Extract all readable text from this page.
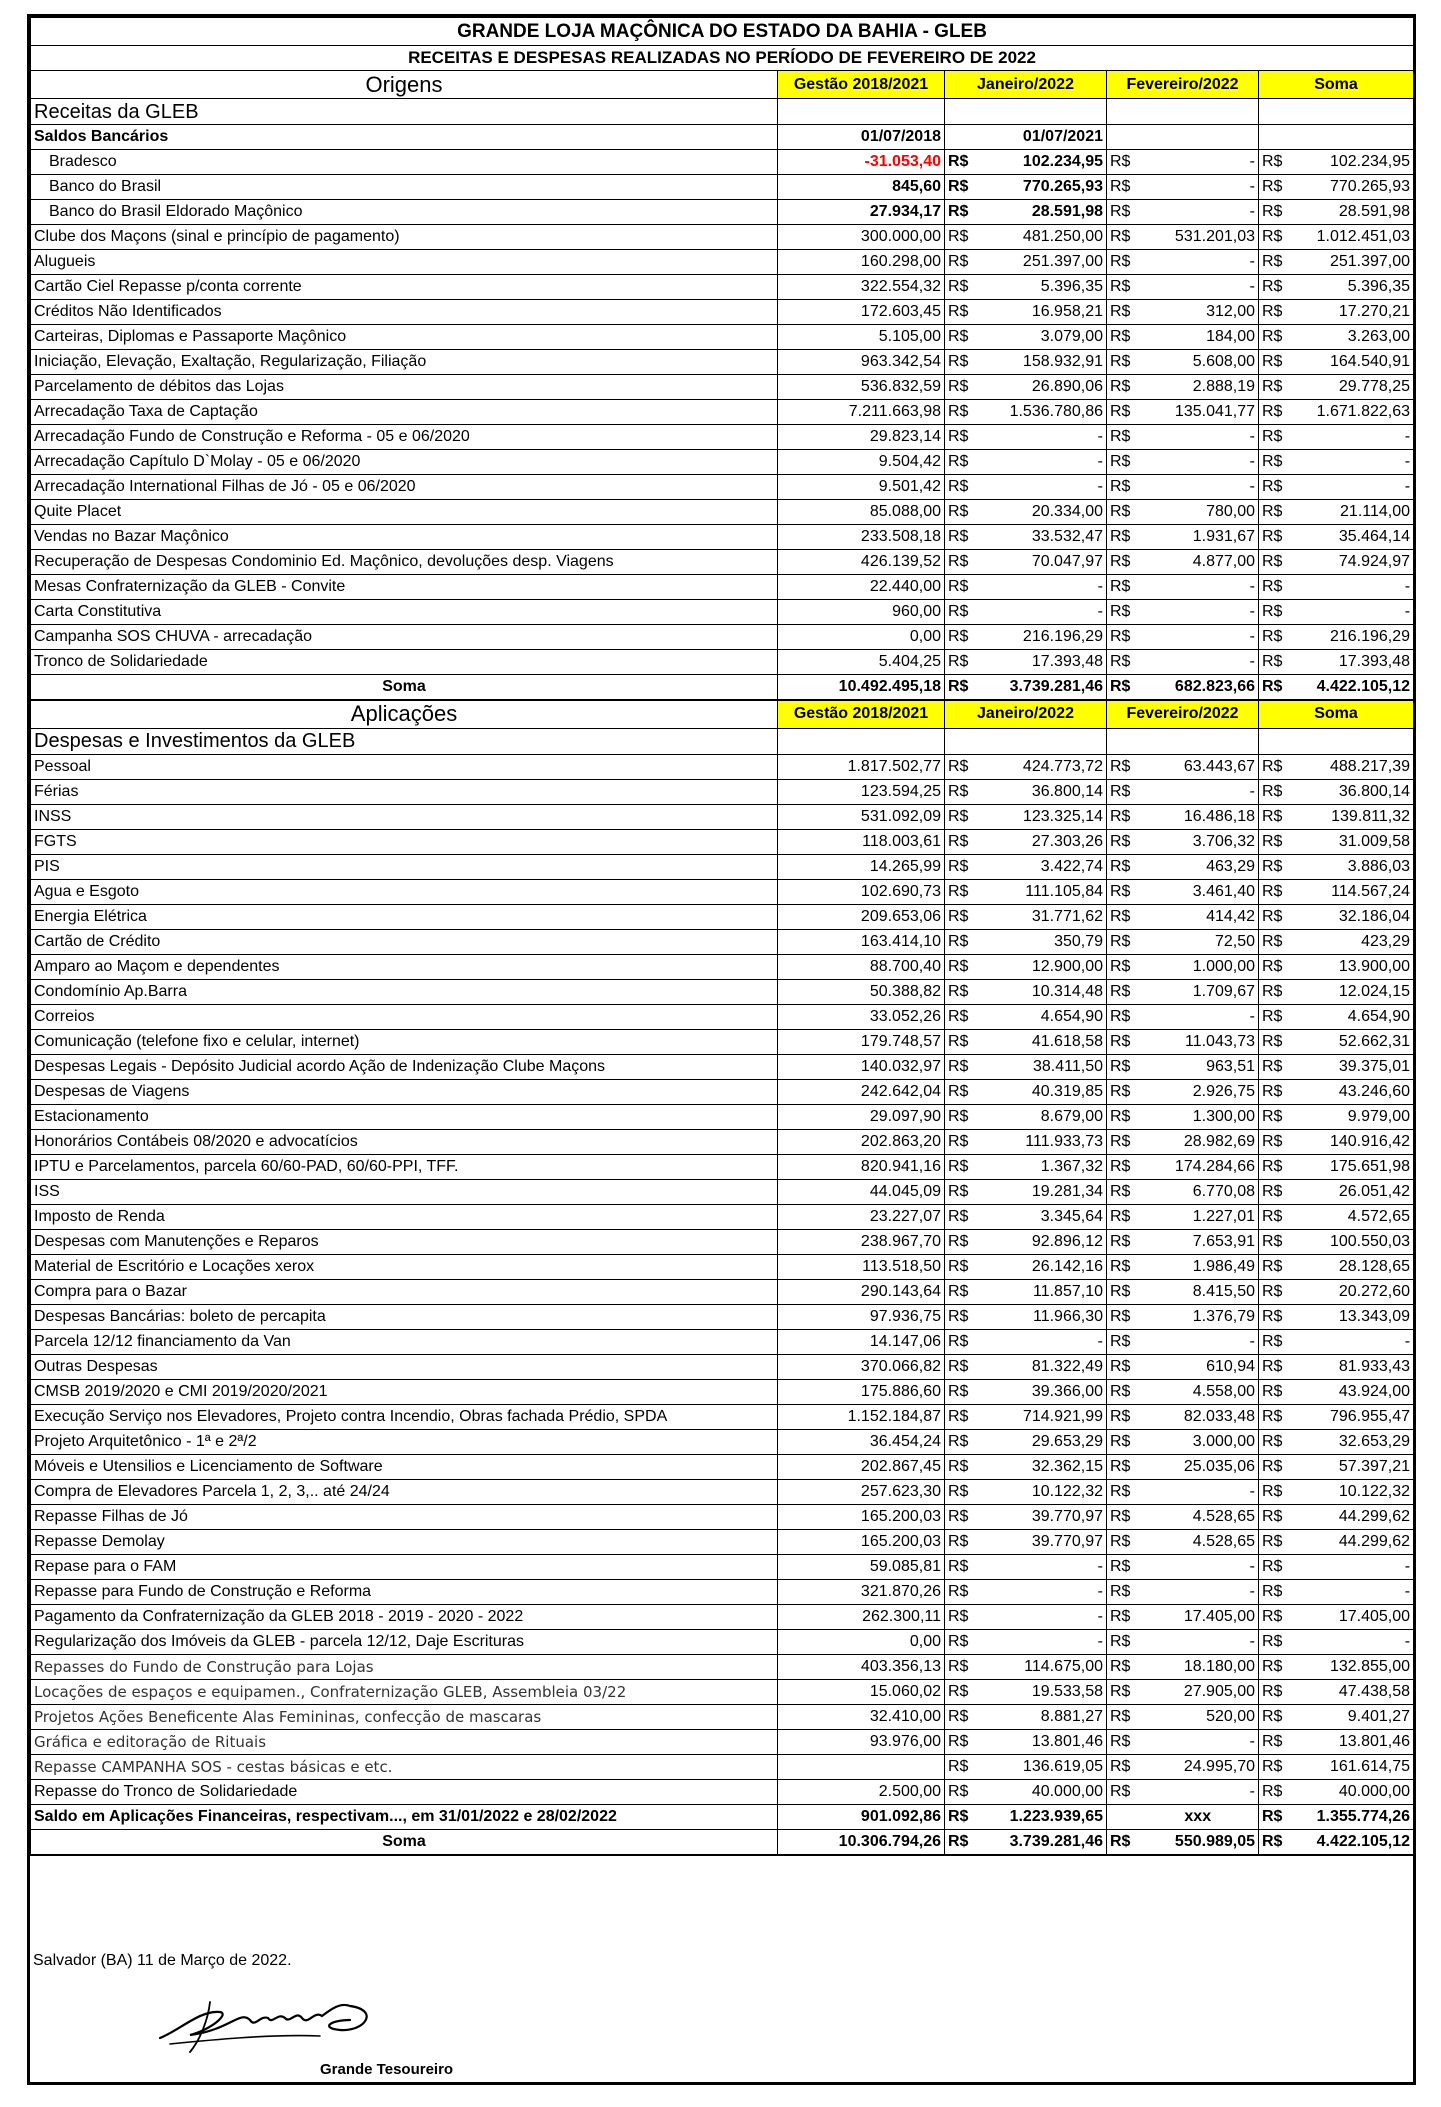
GRANDE LOJA MAÇÔNICA DO ESTADO DA BAHIA - GLEB							
RECEITAS E DESPESAS REALIZADAS NO PERÍODO DE FEVEREIRO DE 2022							
Origens	Gestão 2018/2021	Janeiro/2022		Fevereiro/2022		Soma	
Receitas da GLEB							
Saldos Bancários	01/07/2018	01/07/2021					
Bradesco	-31.053,40	R$	102.234,95	R$	-	R$	102.234,95
Banco do Brasil	845,60	R$	770.265,93	R$	-	R$	770.265,93
Banco do Brasil Eldorado Maçônico	27.934,17	R$	28.591,98	R$	-	R$	28.591,98
Clube dos Maçons (sinal e princípio de pagamento)	300.000,00	R$	481.250,00	R$	531.201,03	R$	1.012.451,03
Alugueis	160.298,00	R$	251.397,00	R$	-	R$	251.397,00
Cartão Ciel Repasse p/conta corrente	322.554,32	R$	5.396,35	R$	-	R$	5.396,35
Créditos Não Identificados	172.603,45	R$	16.958,21	R$	312,00	R$	17.270,21
Carteiras, Diplomas e Passaporte Maçônico	5.105,00	R$	3.079,00	R$	184,00	R$	3.263,00
Iniciação, Elevação, Exaltação, Regularização, Filiação	963.342,54	R$	158.932,91	R$	5.608,00	R$	164.540,91
Parcelamento de débitos das Lojas	536.832,59	R$	26.890,06	R$	2.888,19	R$	29.778,25
Arrecadação Taxa de Captação	7.211.663,98	R$	1.536.780,86	R$	135.041,77	R$	1.671.822,63
Arrecadação Fundo de Construção e Reforma - 05 e 06/2020	29.823,14	R$	-	R$	-	R$	-
Arrecadação Capítulo D`Molay - 05 e 06/2020	9.504,42	R$	-	R$	-	R$	-
Arrecadação International Filhas de Jó - 05 e 06/2020	9.501,42	R$	-	R$	-	R$	-
Quite Placet	85.088,00	R$	20.334,00	R$	780,00	R$	21.114,00
Vendas no Bazar Maçônico	233.508,18	R$	33.532,47	R$	1.931,67	R$	35.464,14
Recuperação de Despesas Condominio Ed. Maçônico, devoluções desp. Viagens	426.139,52	R$	70.047,97	R$	4.877,00	R$	74.924,97
Mesas Confraternização da GLEB - Convite	22.440,00	R$	-	R$	-	R$	-
Carta Constitutiva	960,00	R$	-	R$	-	R$	-
Campanha SOS CHUVA - arrecadação	0,00	R$	216.196,29	R$	-	R$	216.196,29
Tronco de Solidariedade	5.404,25	R$	17.393,48	R$	-	R$	17.393,48
Soma	10.492.495,18	R$	3.739.281,46	R$	682.823,66	R$	4.422.105,12
Aplicações	Gestão 2018/2021	Janeiro/2022		Fevereiro/2022		Soma	
Despesas e Investimentos da GLEB							
Pessoal	1.817.502,77	R$	424.773,72	R$	63.443,67	R$	488.217,39
Férias	123.594,25	R$	36.800,14	R$	-	R$	36.800,14
INSS	531.092,09	R$	123.325,14	R$	16.486,18	R$	139.811,32
FGTS	118.003,61	R$	27.303,26	R$	3.706,32	R$	31.009,58
PIS	14.265,99	R$	3.422,74	R$	463,29	R$	3.886,03
Agua e Esgoto	102.690,73	R$	111.105,84	R$	3.461,40	R$	114.567,24
Energia Elétrica	209.653,06	R$	31.771,62	R$	414,42	R$	32.186,04
Cartão de Crédito	163.414,10	R$	350,79	R$	72,50	R$	423,29
Amparo ao Maçom e dependentes	88.700,40	R$	12.900,00	R$	1.000,00	R$	13.900,00
Condomínio Ap.Barra	50.388,82	R$	10.314,48	R$	1.709,67	R$	12.024,15
Correios	33.052,26	R$	4.654,90	R$	-	R$	4.654,90
Comunicação (telefone fixo e celular, internet)	179.748,57	R$	41.618,58	R$	11.043,73	R$	52.662,31
Despesas Legais - Depósito Judicial acordo Ação de Indenização Clube Maçons	140.032,97	R$	38.411,50	R$	963,51	R$	39.375,01
Despesas de Viagens	242.642,04	R$	40.319,85	R$	2.926,75	R$	43.246,60
Estacionamento	29.097,90	R$	8.679,00	R$	1.300,00	R$	9.979,00
Honorários Contábeis 08/2020 e advocatícios	202.863,20	R$	111.933,73	R$	28.982,69	R$	140.916,42
IPTU e Parcelamentos, parcela 60/60-PAD, 60/60-PPI, TFF.	820.941,16	R$	1.367,32	R$	174.284,66	R$	175.651,98
ISS	44.045,09	R$	19.281,34	R$	6.770,08	R$	26.051,42
Imposto de Renda	23.227,07	R$	3.345,64	R$	1.227,01	R$	4.572,65
Despesas com Manutenções e Reparos	238.967,70	R$	92.896,12	R$	7.653,91	R$	100.550,03
Material de Escritório e Locações xerox	113.518,50	R$	26.142,16	R$	1.986,49	R$	28.128,65
Compra para o Bazar	290.143,64	R$	11.857,10	R$	8.415,50	R$	20.272,60
Despesas Bancárias: boleto de percapita	97.936,75	R$	11.966,30	R$	1.376,79	R$	13.343,09
Parcela 12/12 financiamento da Van	14.147,06	R$	-	R$	-	R$	-
Outras Despesas	370.066,82	R$	81.322,49	R$	610,94	R$	81.933,43
CMSB 2019/2020 e CMI 2019/2020/2021	175.886,60	R$	39.366,00	R$	4.558,00	R$	43.924,00
Execução Serviço nos Elevadores, Projeto contra Incendio, Obras fachada Prédio, SPDA	1.152.184,87	R$	714.921,99	R$	82.033,48	R$	796.955,47
Projeto Arquitetônico - 1ª e 2ª/2	36.454,24	R$	29.653,29	R$	3.000,00	R$	32.653,29
Móveis e Utensilios e Licenciamento de Software	202.867,45	R$	32.362,15	R$	25.035,06	R$	57.397,21
Compra de Elevadores Parcela 1, 2, 3,.. até 24/24	257.623,30	R$	10.122,32	R$	-	R$	10.122,32
Repasse Filhas de Jó	165.200,03	R$	39.770,97	R$	4.528,65	R$	44.299,62
Repasse Demolay	165.200,03	R$	39.770,97	R$	4.528,65	R$	44.299,62
Repase para o FAM	59.085,81	R$	-	R$	-	R$	-
Repasse para Fundo de Construção e Reforma	321.870,26	R$	-	R$	-	R$	-
Pagamento da Confraternização da GLEB 2018 - 2019 - 2020 - 2022	262.300,11	R$	-	R$	17.405,00	R$	17.405,00
Regularização dos Imóveis da GLEB - parcela 12/12, Daje Escrituras	0,00	R$	-	R$	-	R$	-
Repasses do Fundo de Construção para Lojas	403.356,13	R$	114.675,00	R$	18.180,00	R$	132.855,00
Locações de espaços e equipamen., Confraternização GLEB, Assembleia 03/22	15.060,02	R$	19.533,58	R$	27.905,00	R$	47.438,58
Projetos Ações Beneficente Alas Femininas, confecção de mascaras	32.410,00	R$	8.881,27	R$	520,00	R$	9.401,27
Gráfica e editoração de Rituais	93.976,00	R$	13.801,46	R$	-	R$	13.801,46
Repasse CAMPANHA SOS - cestas básicas e etc.		R$	136.619,05	R$	24.995,70	R$	161.614,75
Repasse do Tronco de Solidariedade	2.500,00	R$	40.000,00	R$	-	R$	40.000,00
Saldo em Aplicações Financeiras, respectivam..., em 31/01/2022 e 28/02/2022	901.092,86	R$	1.223.939,65		xxx	R$	1.355.774,26
Soma	10.306.794,26	R$	3.739.281,46	R$	550.989,05	R$	4.422.105,12
Salvador (BA) 11 de Março de 2022.
Grande Tesoureiro
